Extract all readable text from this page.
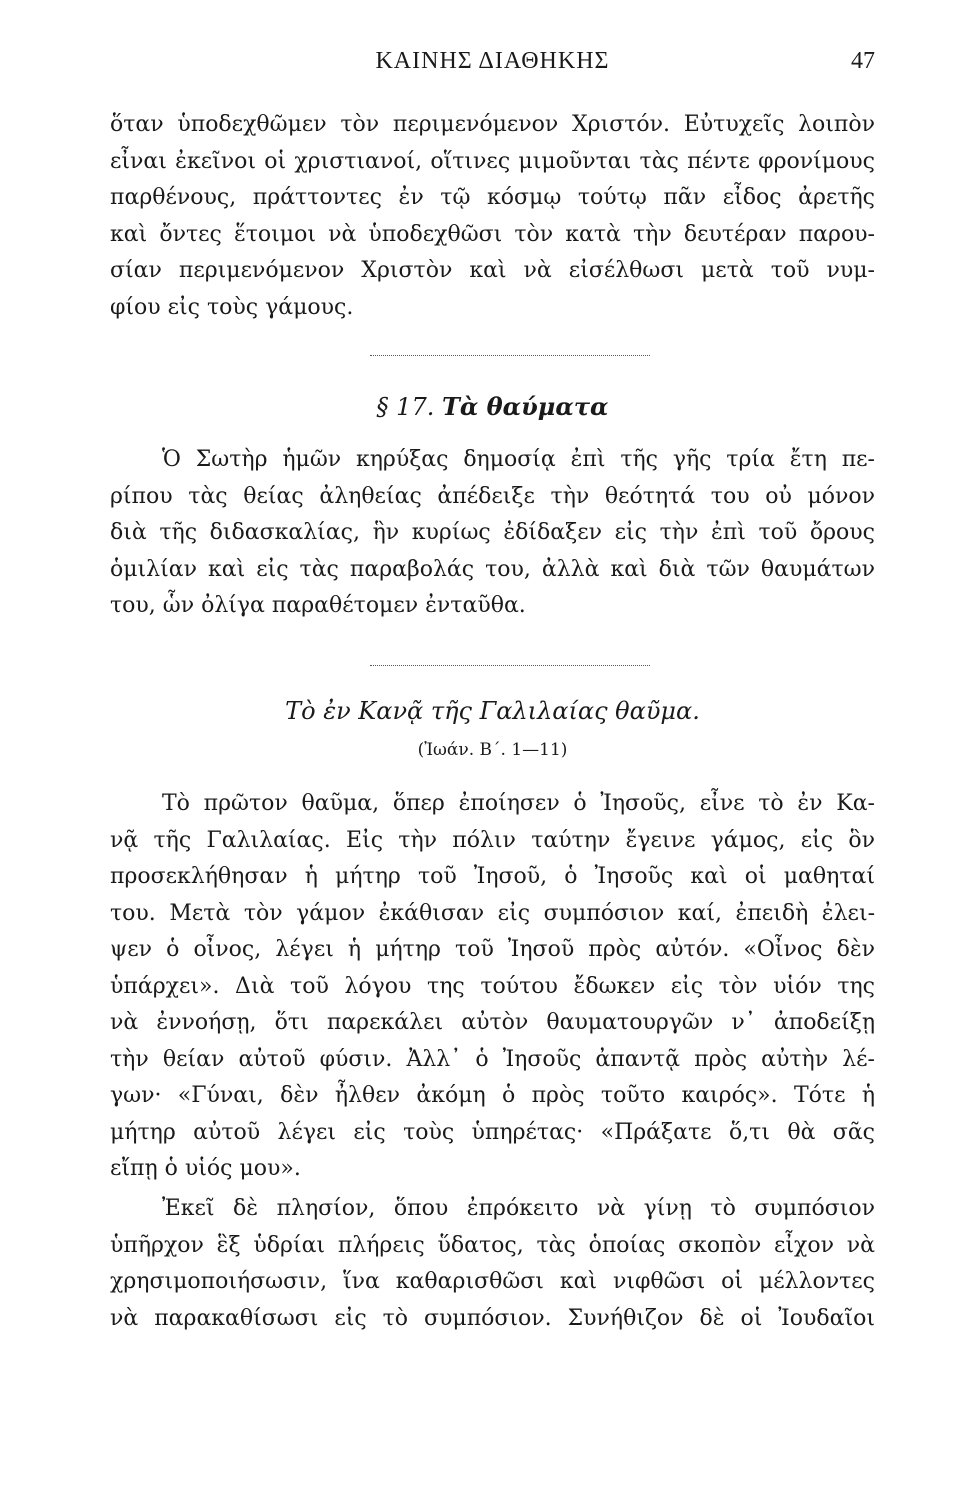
ΚΑΙΝΗΣ ΔΙΑΘΗΚΗΣ	47
ὅταν ὑποδεχθῶμεν τὸν περιμενόμενον Χριστόν. Εὐτυχεῖς λοιπὸν
εἶναι ἐκεῖνοι οἱ χριστιανοί, οἵτινες μιμοῦνται τὰς πέντε φρονίμους
παρθένους, πράττοντες ἐν τῷ κόσμῳ τούτῳ πᾶν εἶδος ἀρετῆς
καὶ ὄντες ἕτοιμοι νὰ ὑποδεχθῶσι τὸν κατὰ τὴν δευτέραν παρου-
σίαν περιμενόμενον Χριστὸν καὶ νὰ εἰσέλθωσι μετὰ τοῦ νυμ-
φίου εἰς τοὺς γάμους.
§ 17. Τὰ θαύματα
Ὁ Σωτὴρ ἡμῶν κηρύξας δημοσίᾳ ἐπὶ τῆς γῆς τρία ἔτη πε-
ρίπου τὰς θείας ἀληθείας ἀπέδειξε τὴν θεότητά του οὐ μόνον
διὰ τῆς διδασκαλίας, ἣν κυρίως ἐδίδαξεν εἰς τὴν ἐπὶ τοῦ ὄρους
ὁμιλίαν καὶ εἰς τὰς παραβολάς του, ἀλλὰ καὶ διὰ τῶν θαυμάτων
του, ὧν ὀλίγα παραθέτομεν ἐνταῦθα.
Τὸ ἐν Κανᾷ τῆς Γαλιλαίας θαῦμα.
(Ἰωάν. Β΄. 1—11)
Τὸ πρῶτον θαῦμα, ὅπερ ἐποίησεν ὁ Ἰησοῦς, εἶνε τὸ ἐν Κα-
νᾷ τῆς Γαλιλαίας. Εἰς τὴν πόλιν ταύτην ἔγεινε γάμος, εἰς ὃν
προσεκλήθησαν ἡ μήτηρ τοῦ Ἰησοῦ, ὁ Ἰησοῦς καὶ οἱ μαθηταί
του. Μετὰ τὸν γάμον ἐκάθισαν εἰς συμπόσιον καί, ἐπειδὴ ἐλει-
ψεν ὁ οἶνος, λέγει ἡ μήτηρ τοῦ Ἰησοῦ πρὸς αὐτόν. «Οἶνος δὲν
ὑπάρχει». Διὰ τοῦ λόγου της τούτου ἔδωκεν εἰς τὸν υἱόν της
νὰ ἐννοήσῃ, ὅτι παρεκάλει αὐτὸν θαυματουργῶν ν᾿ ἀποδείξῃ
τὴν θείαν αὐτοῦ φύσιν. Ἀλλ᾿ ὁ Ἰησοῦς ἀπαντᾷ πρὸς αὐτὴν λέ-
γων· «Γύναι, δὲν ἦλθεν ἀκόμη ὁ πρὸς τοῦτο καιρός». Τότε ἡ
μήτηρ αὐτοῦ λέγει εἰς τοὺς ὑπηρέτας· «Πράξατε ὅ,τι θὰ σᾶς
εἴπῃ ὁ υἱός μου».
Ἐκεῖ δὲ πλησίον, ὅπου ἐπρόκειτο νὰ γίνῃ τὸ συμπόσιον
ὑπῆρχον ἓξ ὑδρίαι πλήρεις ὕδατος, τὰς ὁποίας σκοπὸν εἶχον νὰ
χρησιμοποιήσωσιν, ἵνα καθαρισθῶσι καὶ νιφθῶσι οἱ μέλλοντες
νὰ παρακαθίσωσι εἰς τὸ συμπόσιον. Συνήθιζον δὲ οἱ Ἰουδαῖοι
